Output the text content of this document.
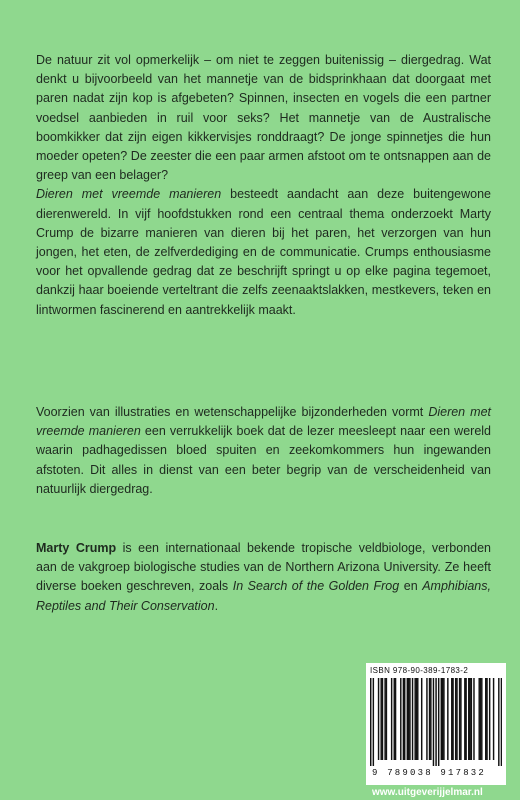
De natuur zit vol opmerkelijk – om niet te zeggen buitenissig – diergedrag. Wat denkt u bijvoorbeeld van het mannetje van de bidsprinkhaan dat doorgaat met paren nadat zijn kop is afgebeten? Spinnen, insecten en vogels die een partner voedsel aanbieden in ruil voor seks? Het mannetje van de Australische boomkikker dat zijn eigen kikkervisjes ronddraagt? De jonge spinnetjes die hun moeder opeten? De zeester die een paar armen afstoot om te ontsnappen aan de greep van een belager?

Dieren met vreemde manieren besteedt aandacht aan deze buitengewone dierenwereld. In vijf hoofdstukken rond een centraal thema onderzoekt Marty Crump de bizarre manieren van dieren bij het paren, het verzorgen van hun jongen, het eten, de zelfverdediging en de communicatie. Crumps enthousiasme voor het opvallende gedrag dat ze beschrijft springt u op elke pagina tegemoet, dankzij haar boeiende verteltrant die zelfs zeenaaktslakken, mestkevers, teken en lintwormen fascinerend en aantrekkelijk maakt.

Voorzien van illustraties en wetenschappelijke bijzonderheden vormt Dieren met vreemde manieren een verrukkelijk boek dat de lezer meesleept naar een wereld waarin padhagedissen bloed spuiten en zeekomkommers hun ingewanden afstoten. Dit alles in dienst van een beter begrip van de verscheidenheid van natuurlijk diergedrag.

Marty Crump is een internationaal bekende tropische veldbiologe, verbonden aan de vakgroep biologische studies van de Northern Arizona University. Ze heeft diverse boeken geschreven, zoals In Search of the Golden Frog en Amphibians, Reptiles and Their Conservation.

ISBN 978-90-389-1783-2
9 789038 917832
www.uitgeverijjelmar.nl
